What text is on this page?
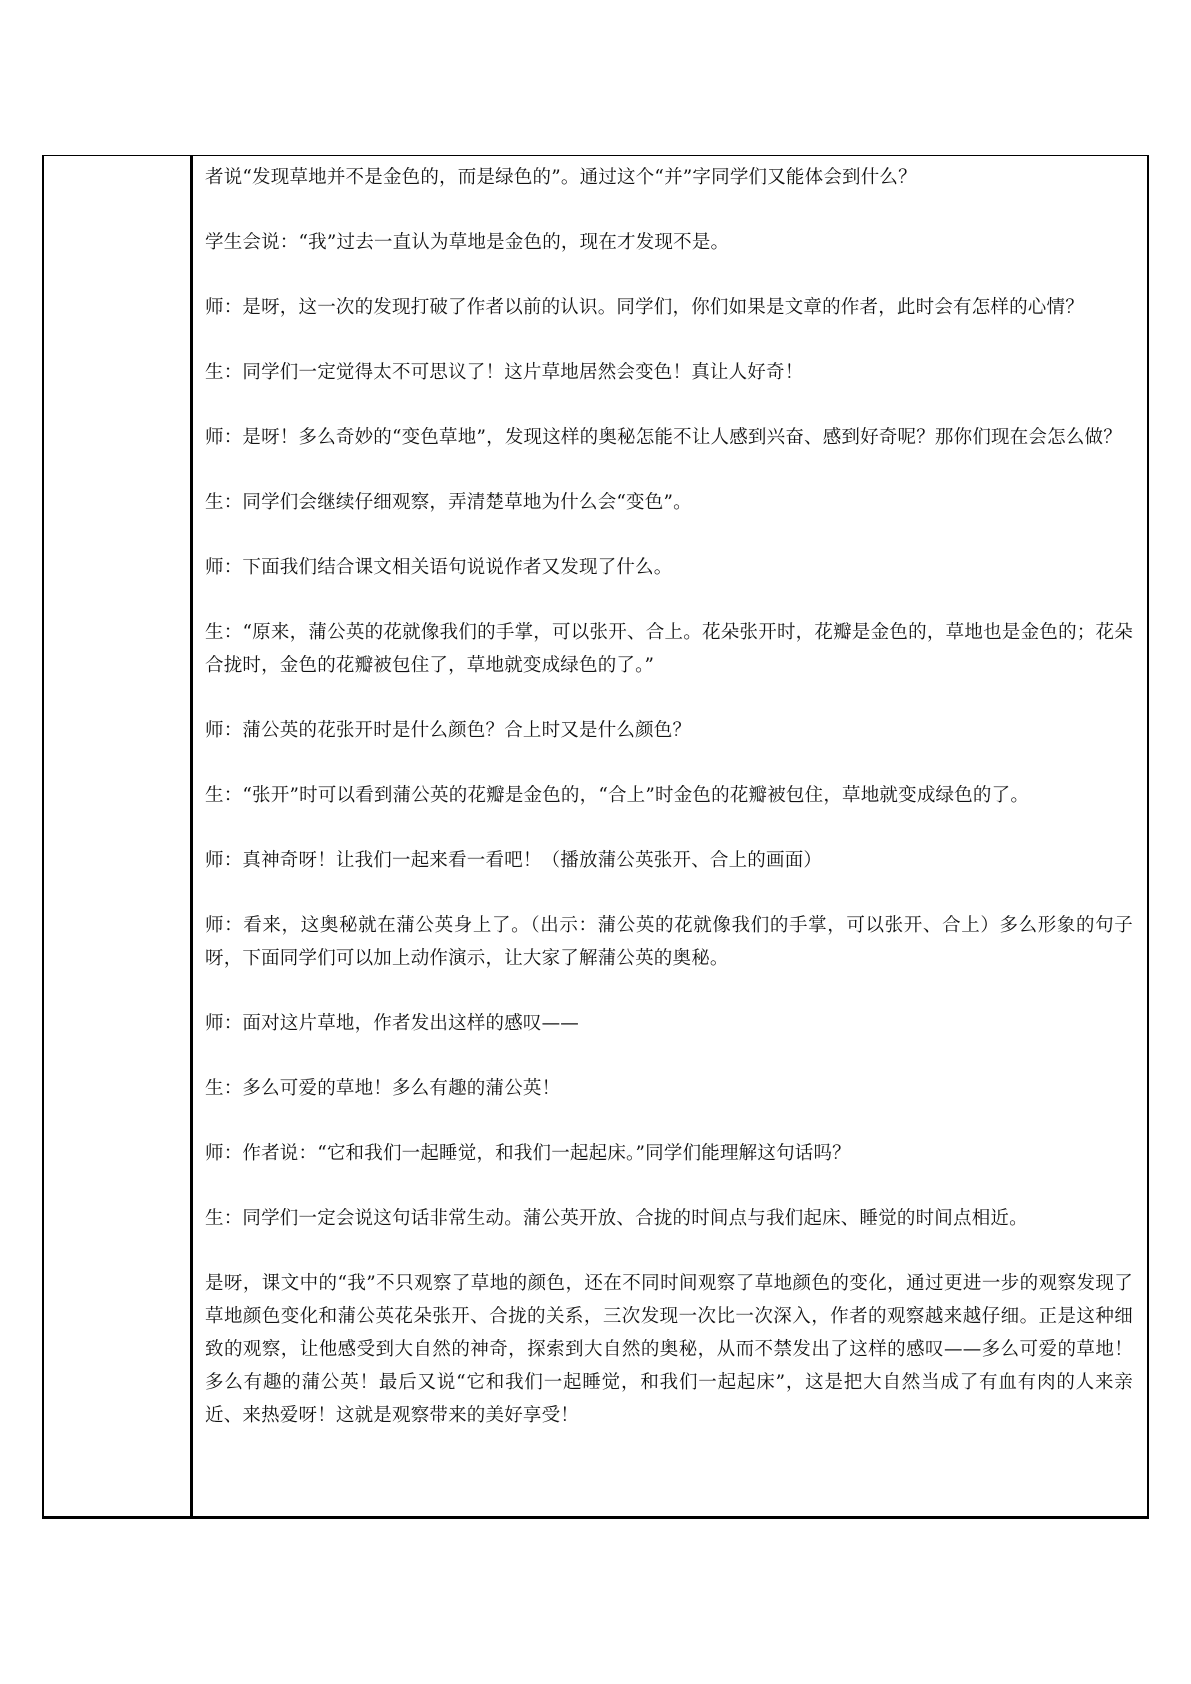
者说“发现草地并不是金色的，而是绿色的”。通过这个“并”字同学们又能体会到什么？

学生会说：“我”过去一直认为草地是金色的，现在才发现不是。

师：是呀，这一次的发现打破了作者以前的认识。同学们，你们如果是文章的作者，此时会有怎样的心情？

生：同学们一定觉得太不可思议了！这片草地居然会变色！真让人好奇！

师：是呀！多么奇妙的“变色草地”，发现这样的奥秘怎能不让人感到兴奋、感到好奇呢？那你们现在会怎么做？

生：同学们会继续仔细观察，弄清楚草地为什么会“变色”。

师：下面我们结合课文相关语句说说作者又发现了什么。

生：“原来，蒲公英的花就像我们的手掌，可以张开、合上。花朵张开时，花瓣是金色的，草地也是金色的；花朵合拢时，金色的花瓣被包住了，草地就变成绿色的了。”

师：蒲公英的花张开时是什么颜色？合上时又是什么颜色？

生：“张开”时可以看到蒲公英的花瓣是金色的，“合上”时金色的花瓣被包住，草地就变成绿色的了。

师：真神奇呀！让我们一起来看一看吧！（播放蒲公英张开、合上的画面）

师：看来，这奥秘就在蒲公英身上了。（出示：蒲公英的花就像我们的手掌，可以张开、合上）多么形象的句子呀，下面同学们可以加上动作演示，让大家了解蒲公英的奥秘。

师：面对这片草地，作者发出这样的感叹——

生：多么可爱的草地！多么有趣的蒲公英！

师：作者说：“它和我们一起睡觉，和我们一起起床。”同学们能理解这句话吗？

生：同学们一定会说这句话非常生动。蒲公英开放、合拢的时间点与我们起床、睡觉的时间点相近。

是呀，课文中的“我”不只观察了草地的颜色，还在不同时间观察了草地颜色的变化，通过更进一步的观察发现了草地颜色变化和蒲公英花朵张开、合拢的关系，三次发现一次比一次深入，作者的观察越来越仔细。正是这种细致的观察，让他感受到大自然的神奇，探索到大自然的奥秘，从而不禁发出了这样的感叹——多么可爱的草地！多么有趣的蒲公英！最后又说“它和我们一起睡觉，和我们一起起床”，这是把大自然当成了有血有肉的人来亲近、来热爱呀！这就是观察带来的美好享受！
